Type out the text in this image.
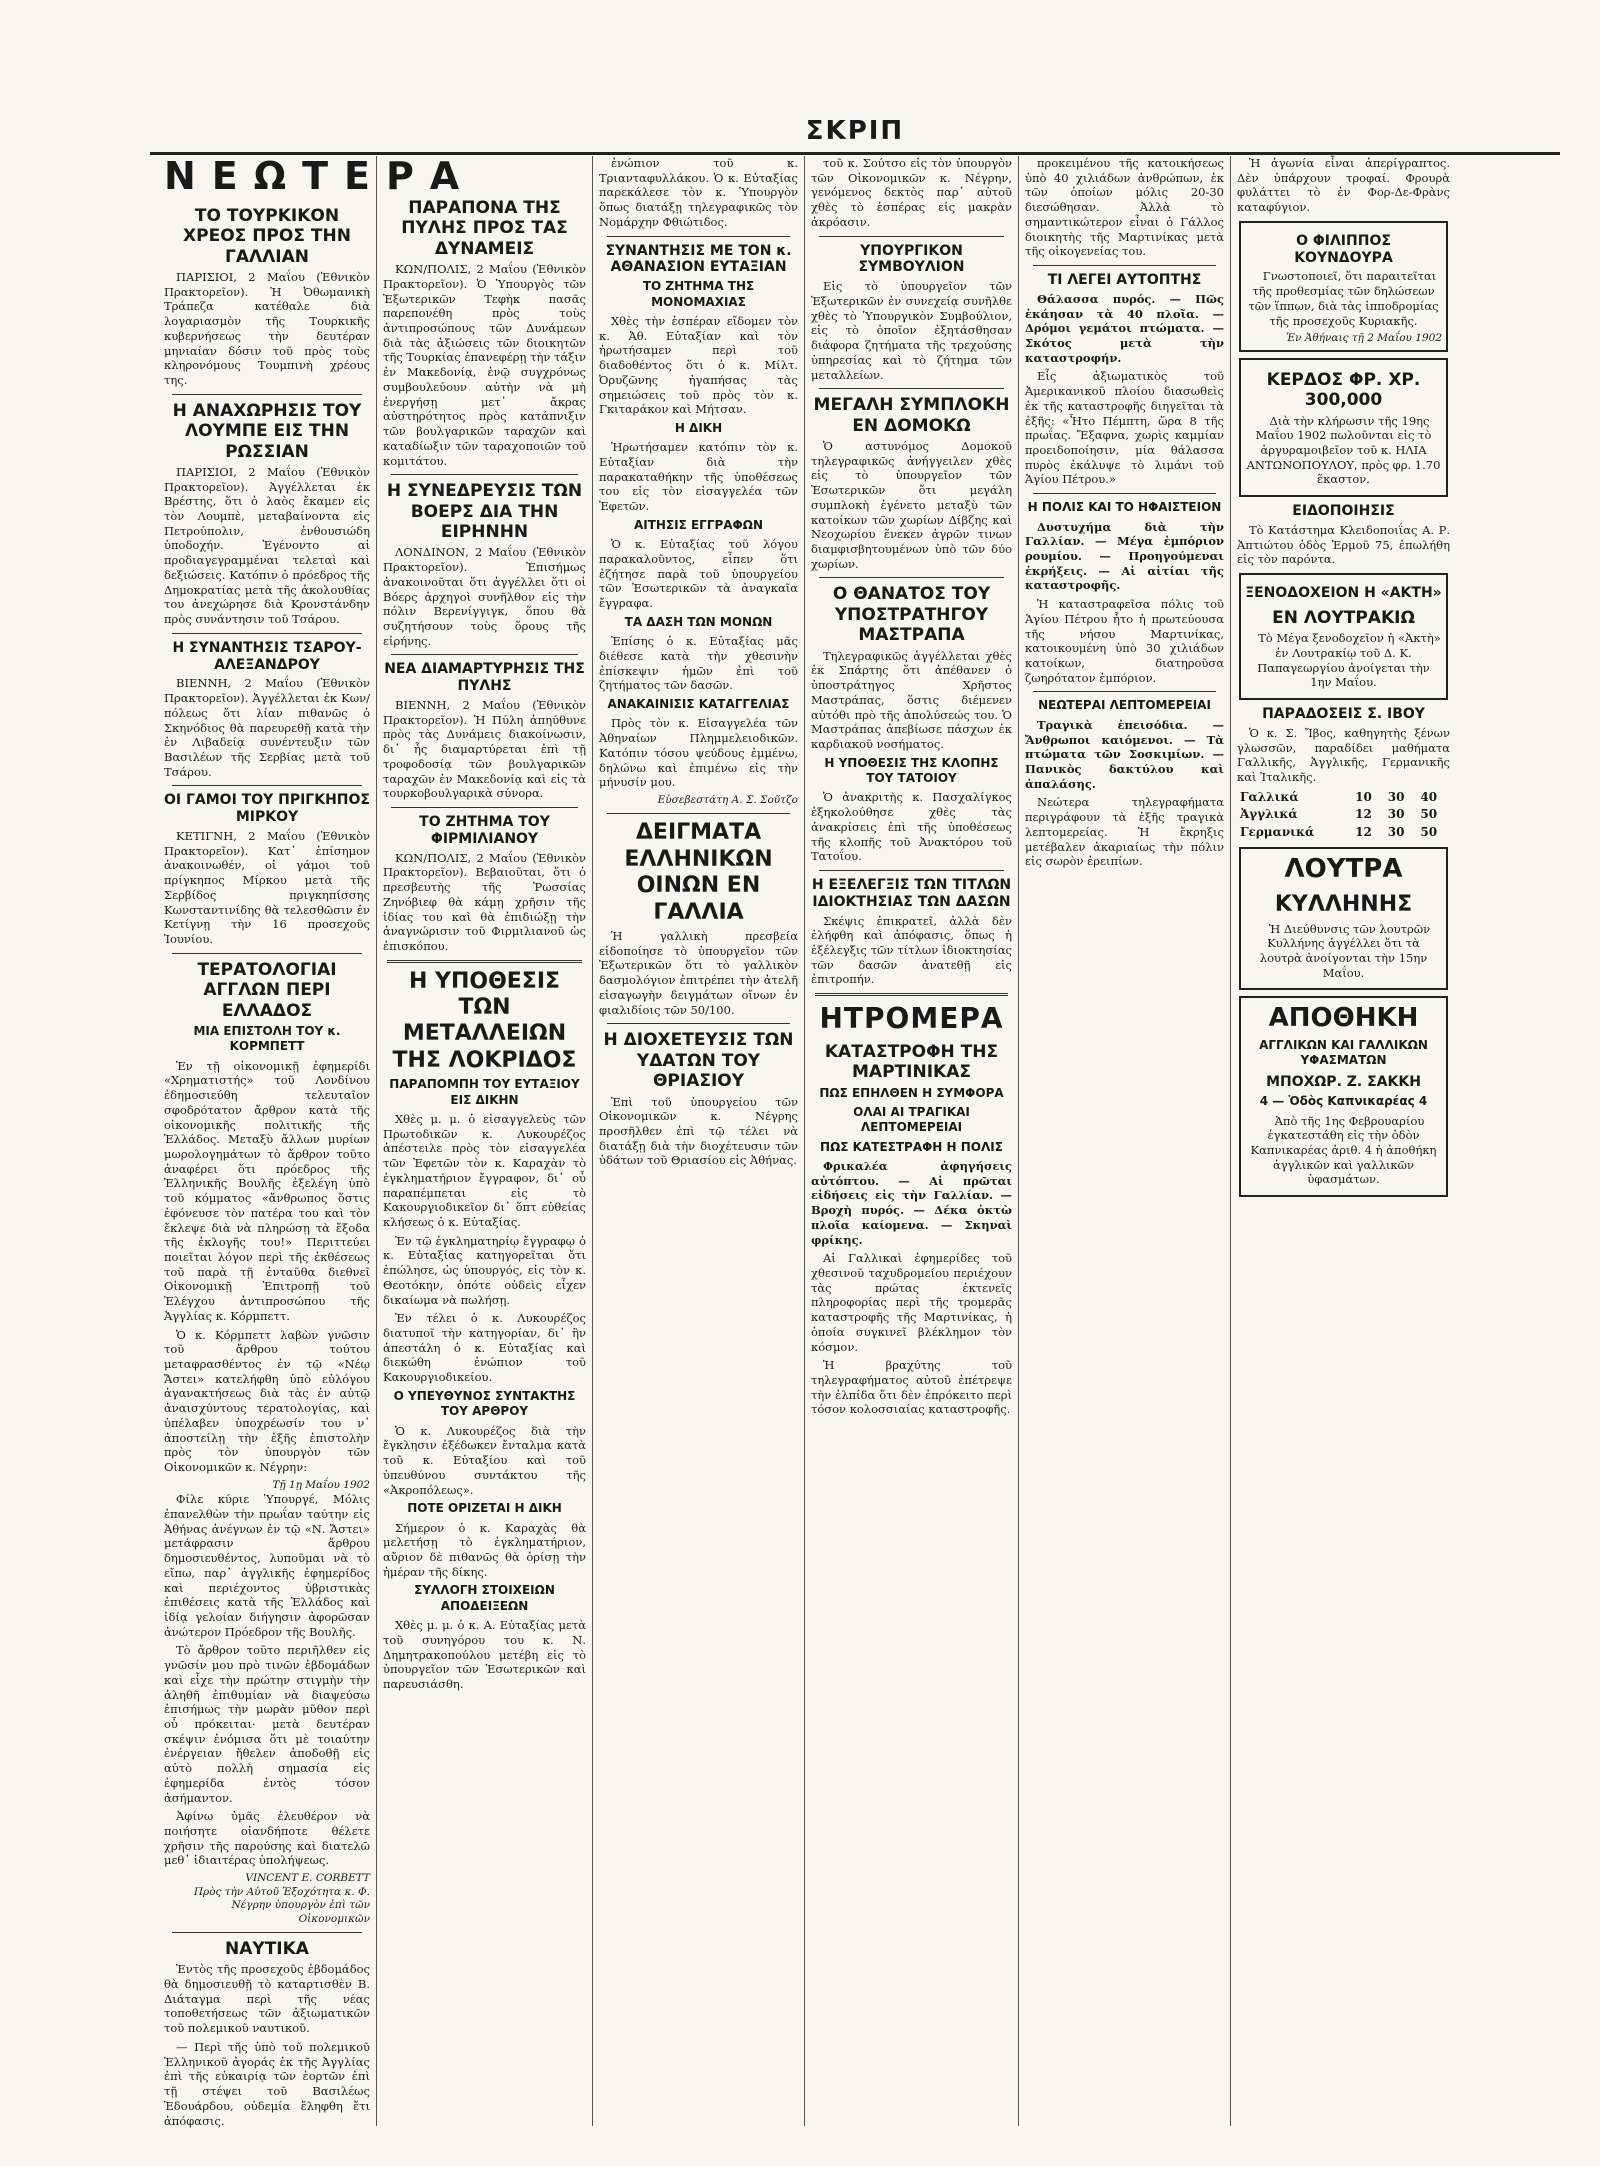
ΣΚΡΙΠ
ΝΕΩΤΕΡΑ
ΤΟ ΤΟΥΡΚΙΚΟΝ ΧΡΕΟΣ ΠΡΟΣ ΤΗΝ ΓΑΛΛΙΑΝ

ΠΑΡΙΣΙΟΙ, 2 Μαΐου (Ἑθνικὸν Πρακτορεῖον). Ἡ Ὀθωμανικὴ Τράπεζα κατέθαλε διὰ λογαριασμὸν τῆς Τουρκικῆς κυβερνήσεως τὴν δευτέραν μηνιαίαν δόσιν τοῦ πρὸς τοὺς κληρονόμους Τουμπινὴ χρέους της.

Η ΑΝΑΧΩΡΗΣΙΣ ΤΟΥ ΛΟΥΜΠΕ ΕΙΣ ΤΗΝ ΡΩΣΣΙΑΝ

ΠΑΡΙΣΙΟΙ, 2 Μαΐου (Ἑθνικὸν Πρακτορεῖον). Ἀγγέλλεται ἐκ Βρέστης, ὅτι ὁ λαὸς ἔκαμεν εἰς τὸν Λουμπὲ, μεταβαίνοντα εἰς Πετρούπολιν, ἐνθουσιώδη ὑποδοχήν. Ἐγένοντο αἱ προδιαγεγραμμέναι τελεταὶ καὶ δεξιώσεις. Κατόπιν ὁ πρόεδρος τῆς Δημοκρατίας μετὰ τῆς ἀκολουθίας του ἀνεχώρησε διὰ Κρονστάνδην πρὸς συνάντησιν τοῦ Τσάρου.

Η ΣΥΝΑΝΤΗΣΙΣ ΤΣΑΡΟΥ-ΑΛΕΞΑΝΔΡΟΥ

ΒΙΕΝΝΗ, 2 Μαΐου (Ἑθνικὸν Πρακτορεῖον). Ἀγγέλλεται ἐκ Κων/πόλεως ὅτι λίαν πιθανῶς ὁ Σκηνόδιος θὰ παρευρεθῇ κατὰ τὴν ἐν Λιβαδείᾳ συνέντευξιν τῶν Βασιλέων τῆς Σερβίας μετὰ τοῦ Τσάρου.

ΟΙ ΓΑΜΟΙ ΤΟΥ ΠΡΙΓΚΗΠΟΣ ΜΙΡΚΟΥ

ΚΕΤΙΓΝΗ, 2 Μαΐου (Ἑθνικὸν Πρακτορεῖον). Κατ᾿ ἐπίσημον ἀνακοινωθέν, οἱ γάμοι τοῦ πρίγκηπος Μίρκου μετὰ τῆς Σερβίδος πριγκηπίσσης Κωνσταντινίδης θὰ τελεσθῶσιν ἐν Κετίγνῃ τὴν 16 προσεχοῦς Ἰουνίου.

ΤΕΡΑΤΟΛΟΓΙΑΙ ΑΓΓΛΩΝ ΠΕΡΙ ΕΛΛΑΔΟΣ
ΜΙΑ ΕΠΙΣΤΟΛΗ ΤΟΥ κ. ΚΟΡΜΠΕΤΤ

Ἐν τῇ οἰκονομικῇ ἐφημερίδι «Χρηματιστής» τοῦ Λονδίνου ἐδημοσιεύθη τελευταῖον σφοδρότατον ἄρθρον κατὰ τῆς οἰκονομικῆς πολιτικῆς τῆς Ἑλλάδος. Μεταξὺ ἄλλων μυρίων μωρολογημάτων τὸ ἄρθρον τοῦτο ἀναφέρει ὅτι πρόεδρος τῆς Ἑλληνικῆς Βουλῆς ἐξελέγη ὑπὸ τοῦ κόμματος «ἄνθρωπος ὅστις ἐφόνευσε τὸν πατέρα του καὶ τὸν ἔκλεψε διὰ νὰ πληρώσῃ τὰ ἔξοδα τῆς ἐκλογῆς του!» Περιττεύει ποιεῖται λόγον περὶ τῆς ἐκθέσεως τοῦ παρὰ τῇ ἐνταῦθα διεθνεῖ Οἰκονομικῇ Ἐπιτροπῇ τοῦ Ἐλέγχου ἀντιπροσώπου τῆς Ἀγγλίας κ. Κόρμπεττ.

Ὁ κ. Κόρμπεττ λαβὼν γνῶσιν τοῦ ἄρθρου τούτου μεταφρασθέντος ἐν τῷ «Νέῳ Ἄστει» κατελήφθη ὑπὸ εὐλόγου ἀγανακτήσεως διὰ τὰς ἐν αὐτῷ ἀναισχύντους τερατολογίας, καὶ ὑπέλαβεν ὑποχρέωσίν του ν᾿ ἀποστείλῃ τὴν ἑξῆς ἐπιστολὴν πρὸς τὸν ὑπουργὸν τῶν Οἰκονομικῶν κ. Νέγρην:

Τῇ 1ῃ Μαΐου 1902

Φίλε κύριε Ὑπουργέ, Μόλις ἐπανελθὼν τὴν πρωΐαν ταύτην εἰς Ἀθήνας ἀνέγνων ἐν τῷ «Ν. Ἄστει» μετάφρασιν ἄρθρου δημοσιευθέντος, λυποῦμαι νὰ τὸ εἴπω, παρ᾿ ἀγγλικῆς ἐφημερίδος καὶ περιέχοντος ὑβριστικὰς ἐπιθέσεις κατὰ τῆς Ἑλλάδος καὶ ἰδίᾳ γελοίαν διήγησιν ἀφορῶσαν ἀνώτερον Πρόεδρον τῆς Βουλῆς.

Τὸ ἄρθρον τοῦτο περιῆλθεν εἰς γνῶσίν μου πρὸ τινῶν ἑβδομάδων καὶ εἶχε τὴν πρώτην στιγμὴν τὴν ἀληθῆ ἐπιθυμίαν νὰ διαψεύσω ἐπισήμως τὴν μωρὰν μῦθον περὶ οὗ πρόκειται· μετὰ δευτέραν σκέψιν ἐνόμισα ὅτι μὲ τοιαύτην ἐνέργειαν ἤθελεν ἀποδοθῇ εἰς αὐτὸ πολλὴ σημασία εἰς ἐφημερίδα ἐντὸς τόσον ἀσήμαντον.

Ἀφίνω ὑμᾶς ἐλευθέρον νὰ ποιήσητε οἱανδήποτε θέλετε χρῆσιν τῆς παρούσης καὶ διατελῶ μεθ᾿ ἰδιαιτέρας ὑπολήψεως.

VINCENT E. CORBETT
Πρὸς τὴν Αὐτοῦ Ἐξοχότητα κ. Φ. Νέγρην ὑπουργὸν ἐπὶ τῶν Οἰκονομικῶν
ΝΑΥΤΙΚΑ

Ἐντὸς τῆς προσεχοῦς ἑβδομάδος θὰ δημοσιευθῇ τὸ καταρτισθὲν Β. Διάταγμα περὶ τῆς νέας τοποθετήσεως τῶν ἀξιωματικῶν τοῦ πολεμικοῦ ναυτικοῦ.

— Περὶ τῆς ὑπὸ τοῦ πολεμικοῦ Ἑλληνικοῦ ἀγοράς ἐκ τῆς Ἀγγλίας ἐπὶ τῆς εὐκαιρίᾳ τῶν ἑορτῶν ἐπὶ τῇ στέψει τοῦ Βασιλέως Ἐδουάρδου, οὐδεμία ἔληφθη ἔτι ἀπόφασις.

ΠΑΡΑΠΟΝΑ ΤΗΣ ΠΥΛΗΣ ΠΡΟΣ ΤΑΣ ΔΥΝΑΜΕΙΣ

ΚΩΝ/ΠΟΛΙΣ, 2 Μαΐου (Ἑθνικὸν Πρακτορεῖον). Ὁ Ὑπουργὸς τῶν Ἐξωτερικῶν Τεφὴκ πασᾶς παρεπονέθη πρὸς τοὺς ἀντιπροσώπους τῶν Δυνάμεων διὰ τὰς ἀξιώσεις τῶν διοικητῶν τῆς Τουρκίας ἐπανεφέρῃ τὴν τάξιν ἐν Μακεδονίᾳ, ἐνῷ συγχρόνως συμβουλεύουν αὐτὴν νὰ μὴ ἐνεργήσῃ μετ᾿ ἄκρας αὐστηρότητος πρὸς κατάπνιξιν τῶν βουλγαρικῶν ταραχῶν καὶ καταδίωξιν τῶν ταραχοποιῶν τοῦ κομιτάτου.

Η ΣΥΝΕΔΡΕΥΣΙΣ ΤΩΝ ΒΟΕΡΣ ΔΙΑ ΤΗΝ ΕΙΡΗΝΗΝ

ΛΟΝΔΙΝΟΝ, 2 Μαΐου (Ἑθνικὸν Πρακτορεῖον). Ἐπισήμως ἀνακοινοῦται ὅτι ἀγγέλλει ὅτι οἱ Βόερς ἀρχηγοὶ συνῆλθον εἰς τὴν πόλιν Βερενίγγιγκ, ὅπου θὰ συζητήσουν τοὺς ὅρους τῆς εἰρήνης.

ΝΕΑ ΔΙΑΜΑΡΤΥΡΗΣΙΣ ΤΗΣ ΠΥΛΗΣ

ΒΙΕΝΝΗ, 2 Μαΐου (Ἑθνικὸν Πρακτορεῖον). Ἡ Πύλη ἀπηύθυνε πρὸς τὰς Δυνάμεις διακοίνωσιν, δι᾿ ἧς διαμαρτύρεται ἐπὶ τῇ τροφοδοσίᾳ τῶν βουλγαρικῶν ταραχῶν ἐν Μακεδονίᾳ καὶ εἰς τὰ τουρκοβουλγαρικὰ σύνορα.

ΤΟ ΖΗΤΗΜΑ ΤΟΥ ΦΙΡΜΙΛΙΑΝΟΥ

ΚΩΝ/ΠΟΛΙΣ, 2 Μαΐου (Ἑθνικὸν Πρακτορεῖον). Βεβαιοῦται, ὅτι ὁ πρεσβευτὴς τῆς Ῥωσσίας Ζηνόβιεφ θὰ κάμῃ χρῆσιν τῆς ἰδίας του καὶ θὰ ἐπιδιώξῃ τὴν ἀναγνώρισιν τοῦ Φιρμιλιανοῦ ὡς ἐπισκόπου.

Η ΥΠΟΘΕΣΙΣ ΤΩΝ ΜΕΤΑΛΛΕΙΩΝ ΤΗΣ ΛΟΚΡΙΔΟΣ
ΠΑΡΑΠΟΜΠΗ ΤΟΥ ΕΥΤΑΞΙΟΥ ΕΙΣ ΔΙΚΗΝ

Χθὲς μ. μ. ὁ εἰσαγγελεὺς τῶν Πρωτοδικῶν κ. Λυκουρέζος ἀπέστειλε πρὸς τὸν εἰσαγγελέα τῶν Ἐφετῶν τὸν κ. Καραχὰν τὸ ἐγκληματήριον ἔγγραφον, δι᾿ οὗ παραπέμπεται εἰς τὸ Κακουργιοδικεῖον δι᾿ ὅπτ εὐθείας κλήσεως ὁ κ. Εὐταξίας.

Ἐν τῷ ἐγκληματηρίῳ ἔγγραφῳ ὁ κ. Εὐταξίας κατηγορεῖται ὅτι ἐπώλησε, ὡς ὑπουργός, εἰς τὸν κ. Θεοτόκην, ὁπότε οὐδεὶς εἶχεν δικαίωμα νὰ πωλήσῃ.

Ἐν τέλει ὁ κ. Λυκουρέζος διατυποῖ τὴν κατηγορίαν, δι᾿ ἣν ἀπεστάλη ὁ κ. Εὐταξίας καὶ διεκώθη ἐνώπιον τοῦ Κακουργιοδικείου.

Ο ΥΠΕΥΘΥΝΟΣ ΣΥΝΤΑΚΤΗΣ ΤΟΥ ΑΡΘΡΟΥ

Ὁ κ. Λυκουρέζος διὰ τὴν ἔγκλησιν ἐξέδωκεν ἔνταλμα κατὰ τοῦ κ. Εὐταξίου καὶ τοῦ ὑπευθύνου συντάκτου τῆς «Ἀκροπόλεως».

ΠΟΤΕ ΟΡΙΖΕΤΑΙ Η ΔΙΚΗ

Σήμερον ὁ κ. Καραχὰς θὰ μελετήσῃ τὸ ἐγκληματήριον, αὔριον δὲ πιθανῶς θὰ ὁρίσῃ τὴν ἡμέραν τῆς δίκης.

ΣΥΛΛΟΓΗ ΣΤΟΙΧΕΙΩΝ ΑΠΟΔΕΙΞΕΩΝ

Χθὲς μ. μ. ὁ κ. Α. Εὐταξίας μετὰ τοῦ συνηγόρου του κ. Ν. Δημητρακοπούλου μετέβη εἰς τὸ ὑπουργεῖον τῶν Ἐσωτερικῶν καὶ παρευσιάσθη.

ἐνώπιον τοῦ κ. Τριανταφυλλάκου. Ὁ κ. Εὐταξίας παρεκάλεσε τὸν κ. Ὑπουργὸν ὅπως διατάξῃ τηλεγραφικῶς τὸν Νομάρχην Φθιώτιδος.

ΣΥΝΑΝΤΗΣΙΣ ΜΕ ΤΟΝ κ. ΑΘΑΝΑΣΙΟΝ ΕΥΤΑΞΙΑΝ
ΤΟ ΖΗΤΗΜΑ ΤΗΣ ΜΟΝΟΜΑΧΙΑΣ

Χθὲς τὴν ἑσπέραν εἴδομεν τὸν κ. Ἀθ. Εὐταξίαν καὶ τὸν ἠρωτήσαμεν περὶ τοῦ διαδοθέντος ὅτι ὁ κ. Μίλτ. Ὀρυζῶνης ἠγαπήσας τὰς σημειώσεις τοῦ πρὸς τὸν κ. Γκιταράκον καὶ Μήτσαν.

Η ΔΙΚΗ

Ἠρωτήσαμεν κατόπιν τὸν κ. Εὐταξίαν διὰ τὴν παρακαταθήκην τῆς ὑποθέσεως του εἰς τὸν εἰσαγγελέα τῶν Ἐφετῶν.

ΑΙΤΗΣΙΣ ΕΓΓΡΑΦΩΝ

Ὁ κ. Εὐταξίας τοῦ λόγου παρακαλοῦντος, εἶπεν ὅτι ἐζήτησε παρὰ τοῦ ὑπουργείου τῶν Ἐσωτερικῶν τὰ ἀναγκαῖα ἔγγραφα.

ΤΑ ΔΑΣΗ ΤΩΝ ΜΟΝΩΝ

Ἐπίσης ὁ κ. Εὐταξίας μᾶς διέθεσε κατὰ τὴν χθεσινὴν ἐπίσκεψιν ἡμῶν ἐπὶ τοῦ ζητήματος τῶν δασῶν.

ΑΝΑΚΑΙΝΙΣΙΣ ΚΑΤΑΓΓΕΛΙΑΣ

Πρὸς τὸν κ. Εἰσαγγελέα τῶν Ἀθηναίων Πλημμελειοδικῶν. Κατόπιν τόσου ψεύδους ἐμμένω, δηλώνω καὶ ἐπιμένω εἰς τὴν μήνυσίν μου.

Εὐσεβεστάτη Α. Σ. Σοῦτζο
ΔΕΙΓΜΑΤΑ ΕΛΛΗΝΙΚΩΝ ΟΙΝΩΝ ΕΝ ΓΑΛΛΙΑ

Ἡ γαλλικὴ πρεσβεία εἰδοποίησε τὸ ὑπουργεῖον τῶν Ἐξωτερικῶν ὅτι τὸ γαλλικὸν δασμολόγιον ἐπιτρέπει τὴν ἀτελῆ εἰσαγωγὴν δειγμάτων οἴνων ἐν φιαλιδίοις τῶν 50/100.

Η ΔΙΟΧΕΤΕΥΣΙΣ ΤΩΝ ΥΔΑΤΩΝ ΤΟΥ ΘΡΙΑΣΙΟΥ

Ἐπὶ τοῦ ὑπουργείου τῶν Οἰκονομικῶν κ. Νέγρης προσῆλθεν ἐπὶ τῷ τέλει νὰ διατάξῃ διὰ τὴν διοχέτευσιν τῶν ὑδάτων τοῦ Θριασίου εἰς Ἀθήνας.

τοῦ κ. Σούτσο εἰς τὸν ὑπουργὸν τῶν Οἰκονομικῶν κ. Νέγρην, γενόμενος δεκτὸς παρ᾿ αὐτοῦ χθὲς τὸ ἑσπέρας εἰς μακρὰν ἀκρόασιν.

ΥΠΟΥΡΓΙΚΟΝ ΣΥΜΒΟΥΛΙΟΝ

Εἰς τὸ ὑπουργεῖον τῶν Ἐξωτερικῶν ἐν συνεχείᾳ συνῆλθε χθὲς τὸ Ὑπουργικὸν Συμβούλιον, εἰς τὸ ὁποῖον ἐξητάσθησαν διάφορα ζητήματα τῆς τρεχούσης ὑπηρεσίας καὶ τὸ ζήτημα τῶν μεταλλείων.

ΜΕΓΑΛΗ ΣΥΜΠΛΟΚΗ ΕΝ ΔΟΜΟΚΩ

Ὁ αστυνόμος Δομοκοῦ τηλεγραφικῶς ἀνήγγειλεν χθὲς εἰς τὸ ὑπουργεῖον τῶν Ἐσωτερικῶν ὅτι μεγάλη συμπλοκὴ ἐγένετο μεταξὺ τῶν κατοίκων τῶν χωρίων Δίβζης καὶ Νεοχωρίου ἕνεκεν ἀγρῶν τινων διαμφισβητουμένων ὑπὸ τῶν δύο χωρίων.

Ο ΘΑΝΑΤΟΣ ΤΟΥ ΥΠΟΣΤΡΑΤΗΓΟΥ ΜΑΣΤΡΑΠΑ

Τηλεγραφικῶς ἀγγέλλεται χθὲς ἐκ Σπάρτης ὅτι ἀπέθανεν ὁ ὑποστράτηγος Χρῆστος Μαστράπας, ὅστις διέμενεν αὐτόθι πρὸ τῆς ἀπολύσεώς του. Ὁ Μαστράπας ἀπεβίωσε πάσχων ἐκ καρδιακοῦ νοσήματος.

Η ΥΠΟΘΕΣΙΣ ΤΗΣ ΚΛΟΠΗΣ ΤΟΥ ΤΑΤΟΙΟΥ

Ὁ ἀνακριτὴς κ. Πασχαλίγκος ἐξηκολούθησε χθὲς τὰς ἀνακρίσεις ἐπὶ τῆς ὑποθέσεως τῆς κλοπῆς τοῦ Ἀνακτόρου τοῦ Τατοΐου.

Η ΕΞΕΛΕΓΞΙΣ ΤΩΝ ΤΙΤΛΩΝ ΙΔΙΟΚΤΗΣΙΑΣ ΤΩΝ ΔΑΣΩΝ

Σκέψις ἐπικρατεῖ, ἀλλὰ δὲν ἐλήφθη καὶ ἀπόφασις, ὅπως ἡ ἐξέλεγξις τῶν τίτλων ἰδιοκτησίας τῶν δασῶν ἀνατεθῇ εἰς ἐπιτροπήν.

ΗΤΡΟΜΕΡΑ
ΚΑΤΑΣΤΡΟΦΗ ΤΗΣ ΜΑΡΤΙΝΙΚΑΣ
ΠΩΣ ΕΠΗΛΘΕΝ Η ΣΥΜΦΟΡΑ
ΟΛΑΙ ΑΙ ΤΡΑΓΙΚΑΙ ΛΕΠΤΟΜΕΡΕΙΑΙ
ΠΩΣ ΚΑΤΕΣΤΡΑΦΗ Η ΠΟΛΙΣ

Φρικαλέα ἀφηγήσεις αὐτόπτου. — Αἱ πρῶται εἰδήσεις εἰς τὴν Γαλλίαν. — Βροχὴ πυρός. — Δέκα ὀκτὼ πλοῖα καίομενα. — Σκηναὶ φρίκης.

Αἱ Γαλλικαὶ ἐφημερίδες τοῦ χθεσινοῦ ταχυδρομείου περιέχουν τὰς πρώτας ἐκτενεῖς πληροφορίας περὶ τῆς τρομερᾶς καταστροφῆς τῆς Μαρτινίκας, ἡ ὁποία συγκινεῖ βλέκλημον τὸν κόσμον.

Ἡ βραχύτης τοῦ τηλεγραφήματος αὐτοῦ ἐπέτρεψε τὴν ἐλπίδα ὅτι δὲν ἐπρόκειτο περὶ τόσον κολοσσιαίας καταστροφῆς.

προκειμένου τῆς κατοικήσεως ὑπὸ 40 χιλιάδων ἀνθρώπων, ἐκ τῶν ὁποίων μόλις 20-30 διεσώθησαν. Ἀλλὰ τὸ σημαντικώτερον εἶναι ὁ Γάλλος διοικητὴς τῆς Μαρτινίκας μετὰ τῆς οἰκογενείας του.

ΤΙ ΛΕΓΕΙ ΑΥΤΟΠΤΗΣ

Θάλασσα πυρός. — Πῶς ἐκάησαν τὰ 40 πλοῖα. — Δρόμοι γεμάτοι πτώματα. — Σκότος μετὰ τὴν καταστροφήν.

Εἷς ἀξιωματικὸς τοῦ Ἀμερικανικοῦ πλοίου διασωθεὶς ἐκ τῆς καταστροφῆς διηγεῖται τὰ ἑξῆς: «Ἦτο Πέμπτη, ὥρα 8 τῆς πρωΐας. Ἔξαφνα, χωρὶς καμμίαν προειδοποίησιν, μία θάλασσα πυρὸς ἐκάλυψε τὸ λιμάνι τοῦ Ἁγίου Πέτρου.»

Η ΠΟΛΙΣ ΚΑΙ ΤΟ ΗΦΑΙΣΤΕΙΟΝ

Δυστυχήμα διὰ τὴν Γαλλίαν. — Μέγα ἐμπόριον ρουμίου. — Προηγούμεναι ἐκρήξεις. — Αἱ αἰτίαι τῆς καταστροφῆς.

Ἡ καταστραφεῖσα πόλις τοῦ Ἁγίου Πέτρου ἦτο ἡ πρωτεύουσα τῆς νήσου Μαρτινίκας, κατοικουμένη ὑπὸ 30 χιλιάδων κατοίκων, διατηροῦσα ζωηρότατον ἐμπόριον.

ΝΕΩΤΕΡΑΙ ΛΕΠΤΟΜΕΡΕΙΑΙ

Τραγικὰ ἐπεισόδια. — Ἄνθρωποι καιόμενοι. — Τὰ πτώματα τῶν Σοσκιμίων. — Πανικὸς δακτύλου καὶ ἀπαλάσης.

Νεώτερα τηλεγραφήματα περιγράφουν τὰ ἑξῆς τραγικὰ λεπτομερείας. Ἡ ἔκρηξις μετέβαλεν ἀκαριαίως τὴν πόλιν εἰς σωρὸν ἐρειπίων.

Ἡ ἀγωνία εἶναι ἀπερίγραπτος. Δὲν ὑπάρχουν τροφαί. Φρουρὰ φυλάττει τὸ ἐν Φορ-Δε-Φρὰνς καταφύγιον.

Ο ΦΙΛΙΠΠΟΣ ΚΟΥΝΔΟΥΡΑ

Γνωστοποιεῖ, ὅτι παραιτεῖται τῆς προθεσμίας τῶν δηλώσεων τῶν ἵππων, διὰ τὰς ἱπποδρομίας τῆς προσεχοῦς Κυριακῆς.

Ἐν Ἀθήναις τῇ 2 Μαΐου 1902
ΚΕΡΔΟΣ ΦΡ. ΧΡ. 300,000

Διὰ τὴν κλήρωσιν τῆς 19ης Μαΐου 1902 πωλοῦνται εἰς τὸ ἀργυραμοιβεῖον τοῦ κ. ΗΛΙΑ ΑΝΤΩΝΟΠΟΥΛΟΥ, πρὸς φρ. 1.70 ἕκαστον.

ΕΙΔΟΠΟΙΗΣΙΣ

Τὸ Κατάστημα Κλειδοποιΐας Α. Ρ. Ἀπτιώτου ὁδὸς Ἑρμοῦ 75, ἐπωλήθη εἰς τὸν παρόντα.

ΞΕΝΟΔΟΧΕΙΟΝ Η «ΑΚΤΗ»
ΕΝ ΛΟΥΤΡΑΚΙΩ

Τὸ Μέγα ξενοδοχεῖον ἡ «Ἀκτὴ» ἐν Λουτρακίῳ τοῦ Δ. Κ. Παπαγεωργίου ἀνοίγεται τὴν 1ην Μαΐου.

ΠΑΡΑΔΟΣΕΙΣ Σ. ΙΒΟΥ

Ὁ κ. Σ. Ἴβος, καθηγητὴς ξένων γλωσσῶν, παραδίδει μαθήματα Γαλλικῆς, Ἀγγλικῆς, Γερμανικῆς καὶ Ἰταλικῆς.

Γαλλικά	10	30	40
Ἀγγλικά	12	30	50
Γερμανικά	12	30	50
ΛΟΥΤΡΑ
ΚΥΛΛΗΝΗΣ

Ἡ Διεύθυνσις τῶν λουτρῶν Κυλλήνης ἀγγέλλει ὅτι τὰ λουτρὰ ἀνοίγονται τὴν 15ην Μαΐου.

ΑΠΟΘΗΚΗ
ΑΓΓΛΙΚΩΝ ΚΑΙ ΓΑΛΛΙΚΩΝ ΥΦΑΣΜΑΤΩΝ
ΜΠΟΧΩΡ. Ζ. ΣΑΚΚΗ
4 — Ὁδὸς Καπνικαρέας 4

Ἀπὸ τῆς 1ης Φεβρουαρίου ἐγκατεστάθη εἰς τὴν ὁδὸν Καπνικαρέας ἀριθ. 4 ἡ ἀποθήκη ἀγγλικῶν καὶ γαλλικῶν ὑφασμάτων.
